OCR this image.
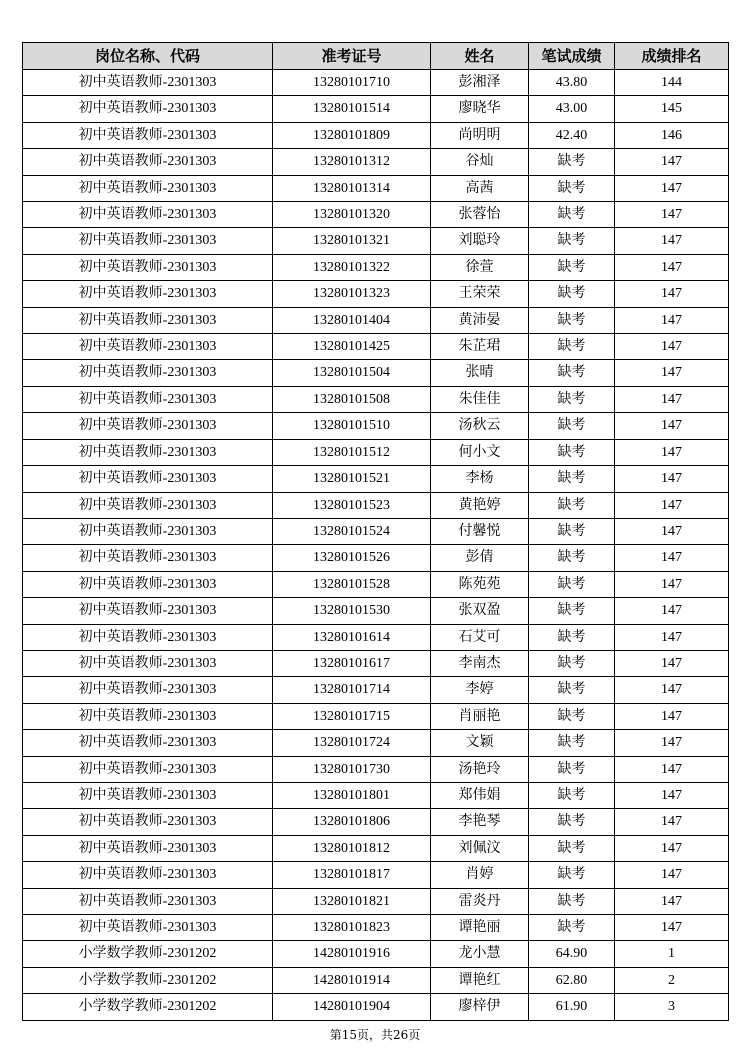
岗位名称、代码	准考证号	姓名	笔试成绩	成绩排名
初中英语教师-2301303	13280101710	彭湘泽	43.80	144
初中英语教师-2301303	13280101514	廖晓华	43.00	145
初中英语教师-2301303	13280101809	尚明明	42.40	146
初中英语教师-2301303	13280101312	谷灿	缺考	147
初中英语教师-2301303	13280101314	高茜	缺考	147
初中英语教师-2301303	13280101320	张蓉怡	缺考	147
初中英语教师-2301303	13280101321	刘聪玲	缺考	147
初中英语教师-2301303	13280101322	徐萱	缺考	147
初中英语教师-2301303	13280101323	王荣荣	缺考	147
初中英语教师-2301303	13280101404	黄沛晏	缺考	147
初中英语教师-2301303	13280101425	朱芷珺	缺考	147
初中英语教师-2301303	13280101504	张晴	缺考	147
初中英语教师-2301303	13280101508	朱佳佳	缺考	147
初中英语教师-2301303	13280101510	汤秋云	缺考	147
初中英语教师-2301303	13280101512	何小文	缺考	147
初中英语教师-2301303	13280101521	李杨	缺考	147
初中英语教师-2301303	13280101523	黄艳婷	缺考	147
初中英语教师-2301303	13280101524	付馨悦	缺考	147
初中英语教师-2301303	13280101526	彭倩	缺考	147
初中英语教师-2301303	13280101528	陈苑苑	缺考	147
初中英语教师-2301303	13280101530	张双盈	缺考	147
初中英语教师-2301303	13280101614	石艾可	缺考	147
初中英语教师-2301303	13280101617	李南杰	缺考	147
初中英语教师-2301303	13280101714	李婷	缺考	147
初中英语教师-2301303	13280101715	肖丽艳	缺考	147
初中英语教师-2301303	13280101724	文颖	缺考	147
初中英语教师-2301303	13280101730	汤艳玲	缺考	147
初中英语教师-2301303	13280101801	郑伟娟	缺考	147
初中英语教师-2301303	13280101806	李艳琴	缺考	147
初中英语教师-2301303	13280101812	刘佩汶	缺考	147
初中英语教师-2301303	13280101817	肖婷	缺考	147
初中英语教师-2301303	13280101821	雷炎丹	缺考	147
初中英语教师-2301303	13280101823	谭艳丽	缺考	147
小学数学教师-2301202	14280101916	龙小慧	64.90	1
小学数学教师-2301202	14280101914	谭艳红	62.80	2
小学数学教师-2301202	14280101904	廖梓伊	61.90	3
第15页，共26页
